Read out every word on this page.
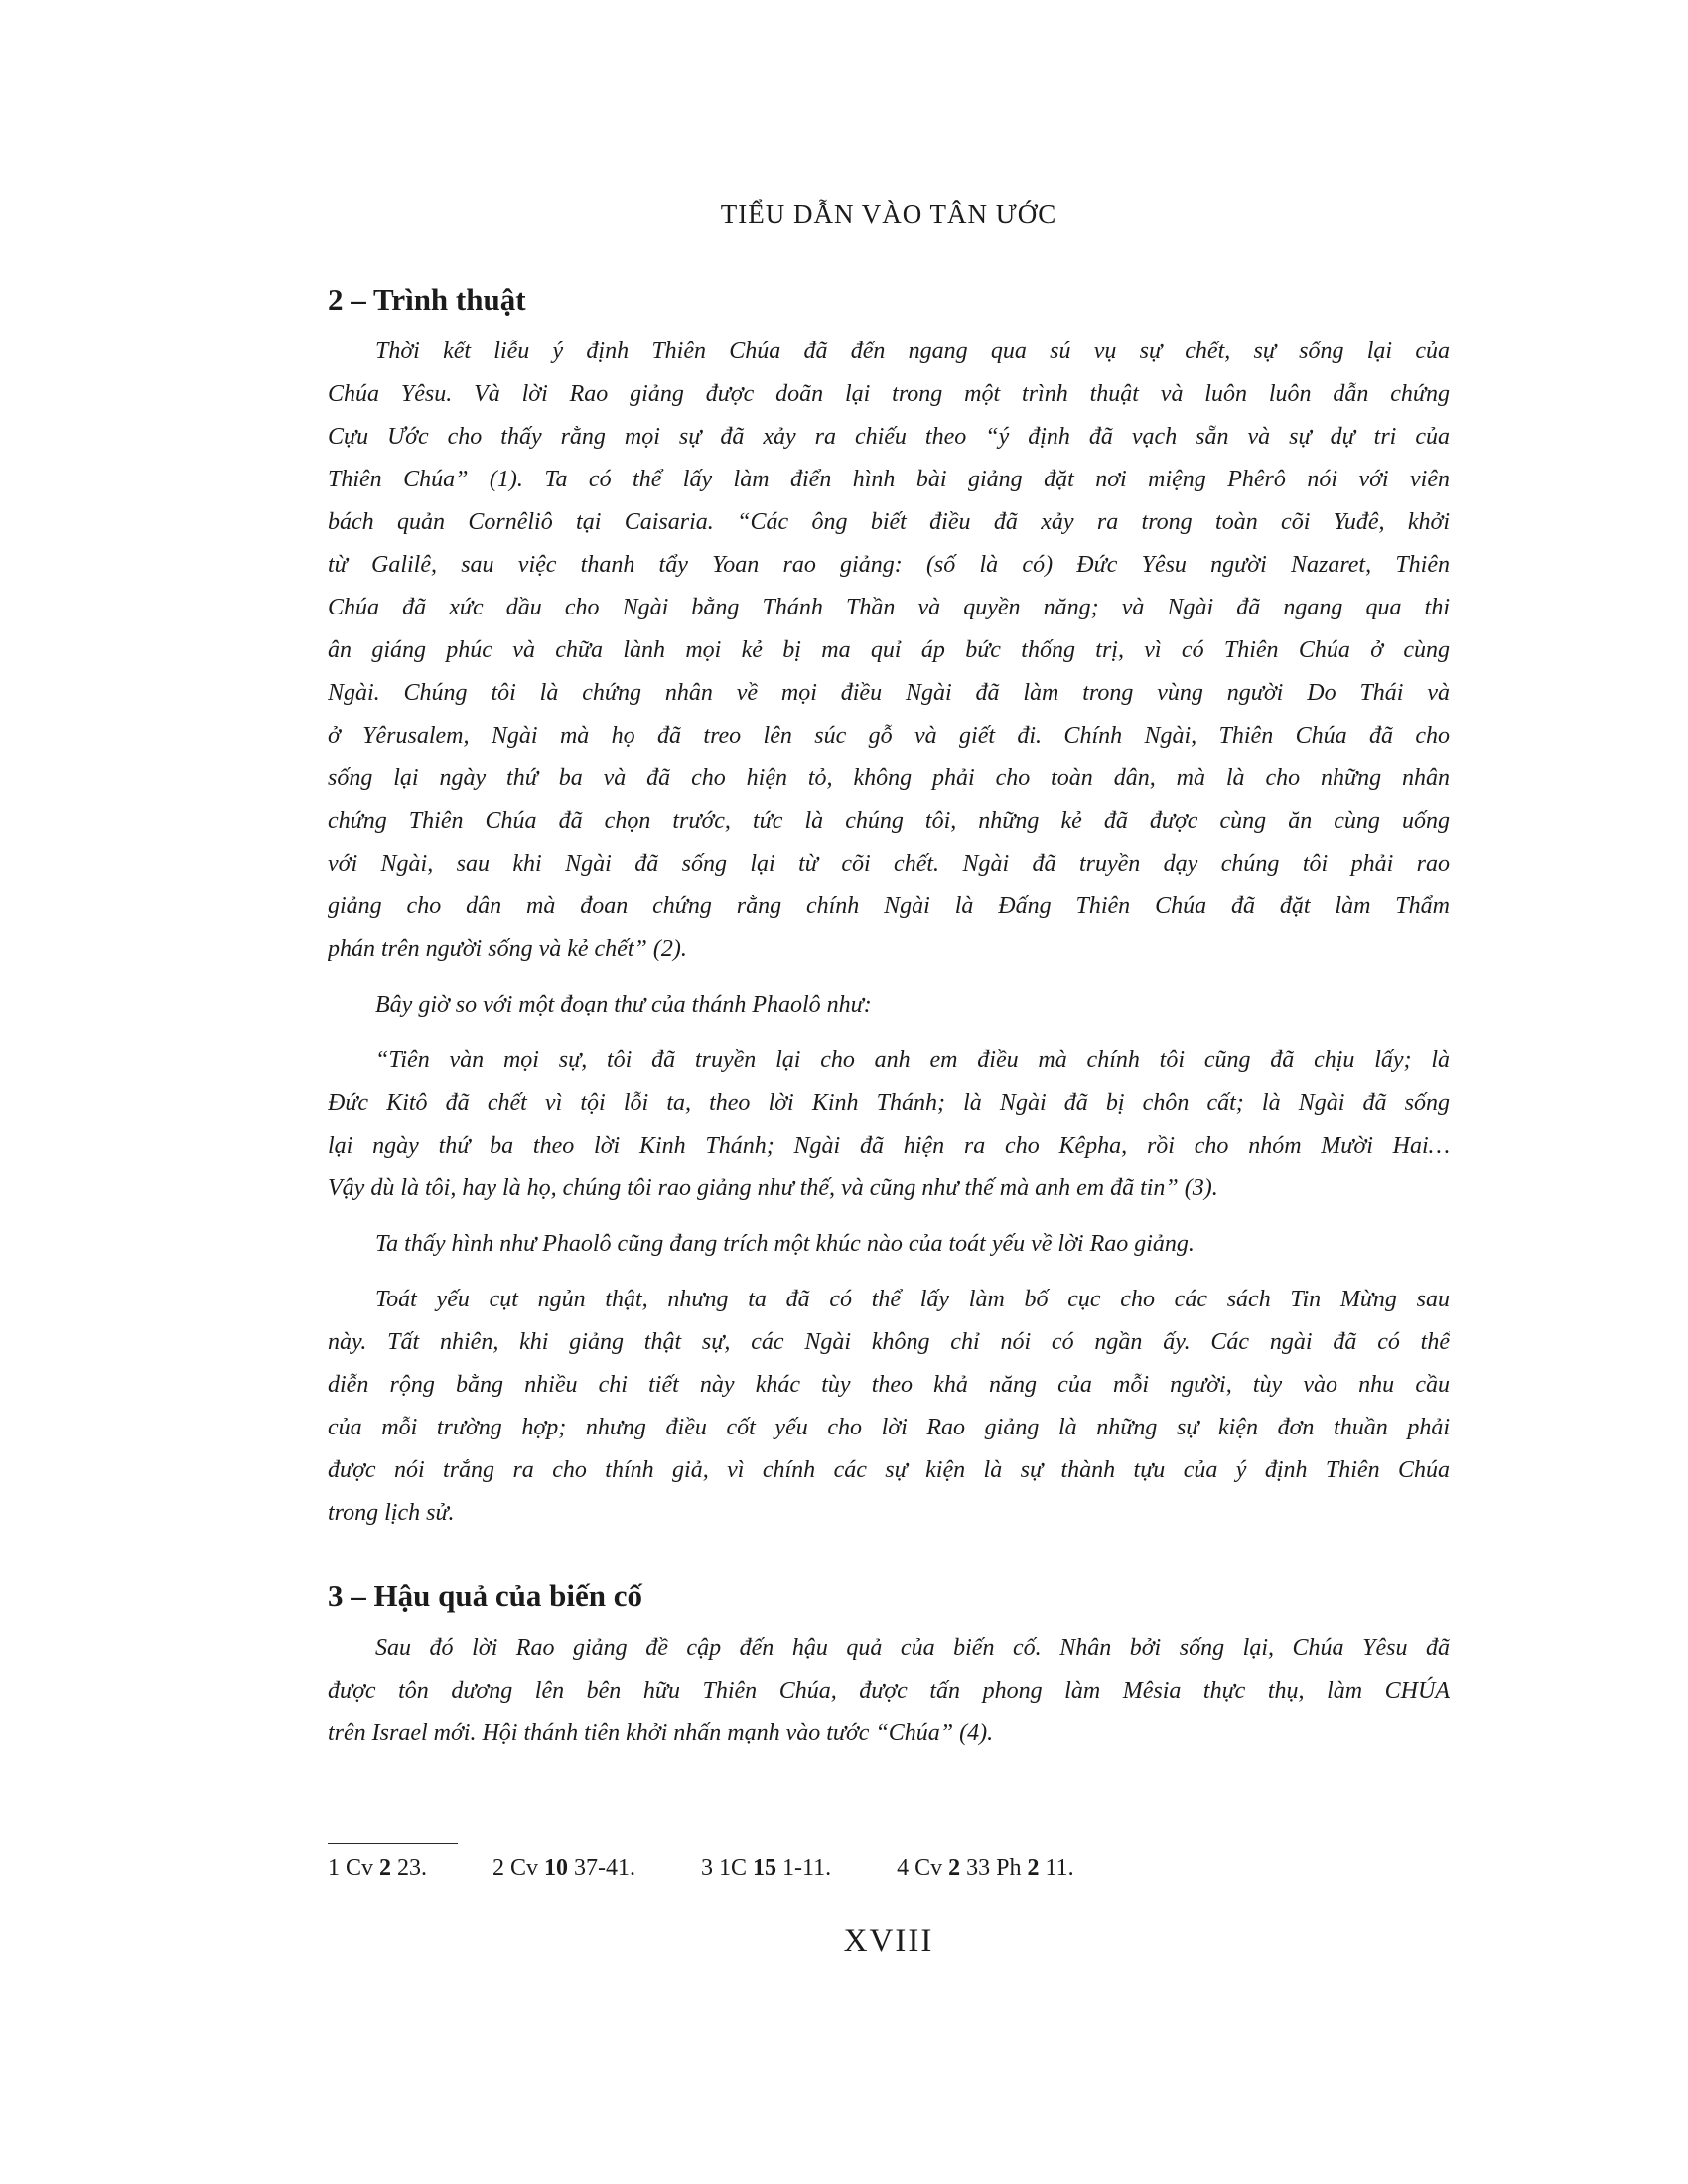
TIỂU DẪN VÀO TÂN ƯỚC
2 – Trình thuật
Thời kết liễu ý định Thiên Chúa đã đến ngang qua sú vụ sự chết, sự sống lại của
Chúa Yêsu. Và lời Rao giảng được doãn lại trong một trình thuật và luôn luôn dẫn chứng
Cựu Ước cho thấy rằng mọi sự đã xảy ra chiếu theo “ý định đã vạch sẵn và sự dự tri của
Thiên Chúa” (1). Ta có thể lấy làm điển hình bài giảng đặt nơi miệng Phêrô nói với viên
bách quản Cornêliô tại Caisaria. “Các ông biết điều đã xảy ra trong toàn cõi Yuđê, khởi
từ Galilê, sau việc thanh tẩy Yoan rao giảng: (số là có) Đức Yêsu người Nazaret, Thiên
Chúa đã xức dầu cho Ngài bằng Thánh Thần và quyền năng; và Ngài đã ngang qua thi
ân giáng phúc và chữa lành mọi kẻ bị ma quỉ áp bức thống trị, vì có Thiên Chúa ở cùng
Ngài. Chúng tôi là chứng nhân về mọi điều Ngài đã làm trong vùng người Do Thái và
ở Yêrusalem, Ngài mà họ đã treo lên súc gỗ và giết đi. Chính Ngài, Thiên Chúa đã cho
sống lại ngày thứ ba và đã cho hiện tỏ, không phải cho toàn dân, mà là cho những nhân
chứng Thiên Chúa đã chọn trước, tức là chúng tôi, những kẻ đã được cùng ăn cùng uống
với Ngài, sau khi Ngài đã sống lại từ cõi chết. Ngài đã truyền dạy chúng tôi phải rao
giảng cho dân mà đoan chứng rằng chính Ngài là Đấng Thiên Chúa đã đặt làm Thẩm
phán trên người sống và kẻ chết” (2).
Bây giờ so với một đoạn thư của thánh Phaolô như:
“Tiên vàn mọi sự, tôi đã truyền lại cho anh em điều mà chính tôi cũng đã chịu lấy; là
Đức Kitô đã chết vì tội lỗi ta, theo lời Kinh Thánh; là Ngài đã bị chôn cất; là Ngài đã sống
lại ngày thứ ba theo lời Kinh Thánh; Ngài đã hiện ra cho Kêpha, rồi cho nhóm Mười Hai…
Vậy dù là tôi, hay là họ, chúng tôi rao giảng như thế, và cũng như thế mà anh em đã tin” (3).
Ta thấy hình như Phaolô cũng đang trích một khúc nào của toát yếu về lời Rao giảng.
Toát yếu cụt ngủn thật, nhưng ta đã có thể lấy làm bố cục cho các sách Tin Mừng sau
này. Tất nhiên, khi giảng thật sự, các Ngài không chỉ nói có ngần ấy. Các ngài đã có thể
diễn rộng bằng nhiều chi tiết này khác tùy theo khả năng của mỗi người, tùy vào nhu cầu
của mỗi trường hợp; nhưng điều cốt yếu cho lời Rao giảng là những sự kiện đơn thuần phải
được nói trắng ra cho thính giả, vì chính các sự kiện là sự thành tựu của ý định Thiên Chúa
trong lịch sử.
3 – Hậu quả của biến cố
Sau đó lời Rao giảng đề cập đến hậu quả của biến cố. Nhân bởi sống lại, Chúa Yêsu đã
được tôn dương lên bên hữu Thiên Chúa, được tấn phong làm Mêsia thực thụ, làm CHÚA
trên Israel mới. Hội thánh tiên khởi nhấn mạnh vào tước “Chúa” (4).
1 Cv 2 23.	2 Cv 10 37-41.	3 1C 15 1-11.	4 Cv 2 33 Ph 2 11.
XVIII
